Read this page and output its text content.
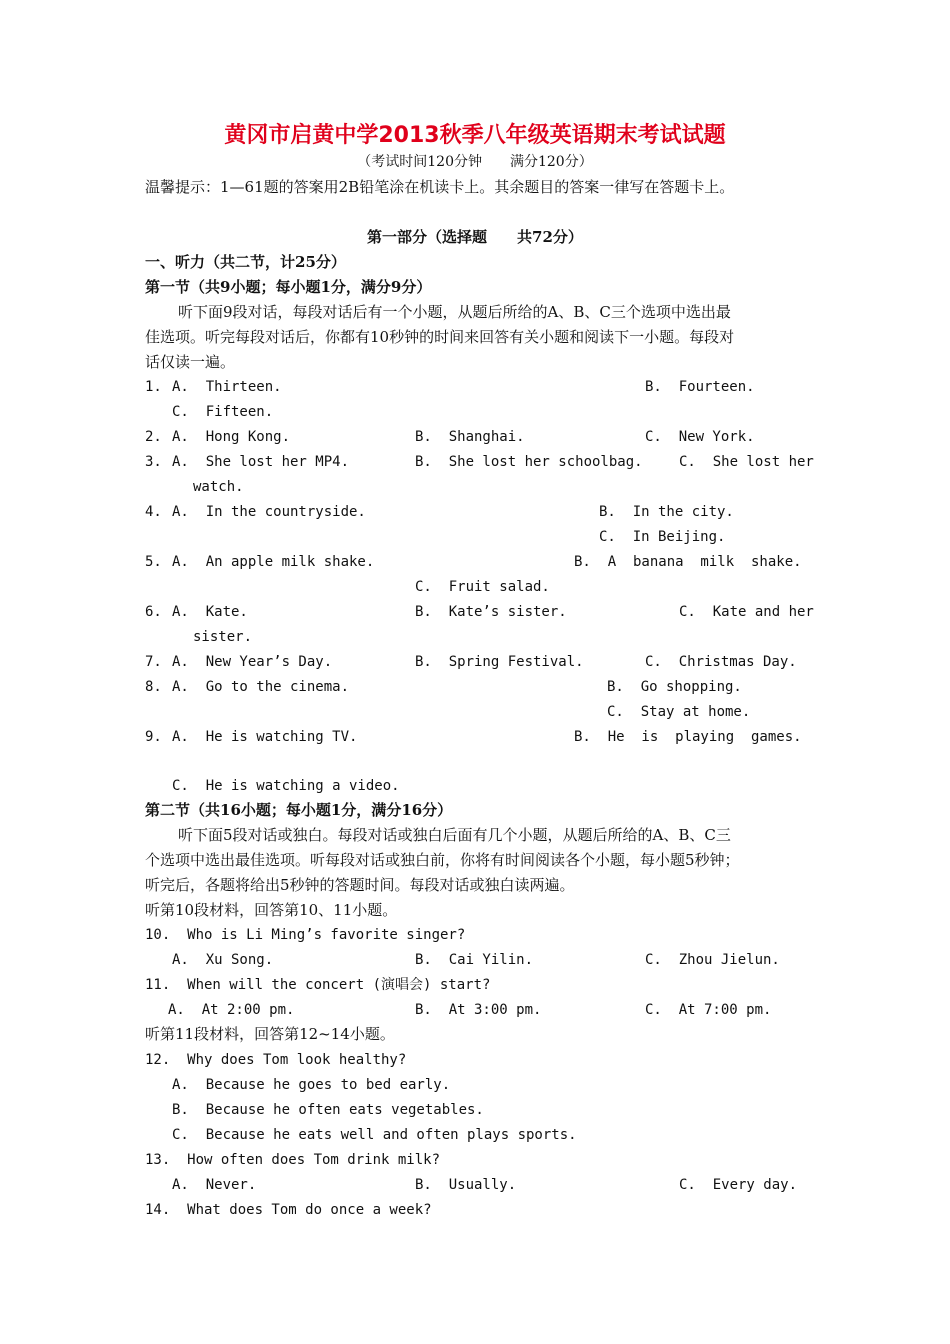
黄冈市启黄中学2013秋季八年级英语期末考试试题
（考试时间120分钟　　满分120分）
温馨提示：1—61题的答案用2B铅笔涂在机读卡上。其余题目的答案一律写在答题卡上。
第一部分（选择题　　共72分）
一、听力（共二节，计25分）
第一节（共9小题；每小题1分，满分9分）
听下面9段对话，每段对话后有一个小题，从题后所给的A、B、C三个选项中选出最
佳选项。听完每段对话后，你都有10秒钟的时间来回答有关小题和阅读下一小题。每段对
话仅读一遍。
1. A.  Thirteen.	B.  Fourteen.
C.  Fifteen.
2. A.  Hong Kong.	B.  Shanghai.	C.  New York.
3. A.  She lost her MP4.	B.  She lost her schoolbag.	C.  She lost her
watch.
4. A.  In the countryside.	B.  In the city.
C.  In Beijing.
5. A.  An apple milk shake.	B.  A  banana  milk  shake.
C.  Fruit salad.
6. A.  Kate.	B.  Kate’s sister.	C.  Kate and her
sister.
7. A.  New Year’s Day.	B.  Spring Festival.	C.  Christmas Day.
8. A.  Go to the cinema.	B.  Go shopping.
C.  Stay at home.
9. A.  He is watching TV.	B.  He  is  playing  games.
C.  He is watching a video.
第二节（共16小题；每小题1分，满分16分）
听下面5段对话或独白。每段对话或独白后面有几个小题，从题后所给的A、B、C三
个选项中选出最佳选项。听每段对话或独白前，你将有时间阅读各个小题，每小题5秒钟；
听完后，各题将给出5秒钟的答题时间。每段对话或独白读两遍。
听第10段材料，回答第10、11小题。
10.  Who is Li Ming’s favorite singer?
A.  Xu Song.	B.  Cai Yilin.	C.  Zhou Jielun.
11.  When will the concert (演唱会) start?
A.  At 2:00 pm.	B.  At 3:00 pm.	C.  At 7:00 pm.
听第11段材料，回答第12~14小题。
12.  Why does Tom look healthy?
A.  Because he goes to bed early.
B.  Because he often eats vegetables.
C.  Because he eats well and often plays sports.
13.  How often does Tom drink milk?
A.  Never.	B.  Usually.	C.  Every day.
14.  What does Tom do once a week?
